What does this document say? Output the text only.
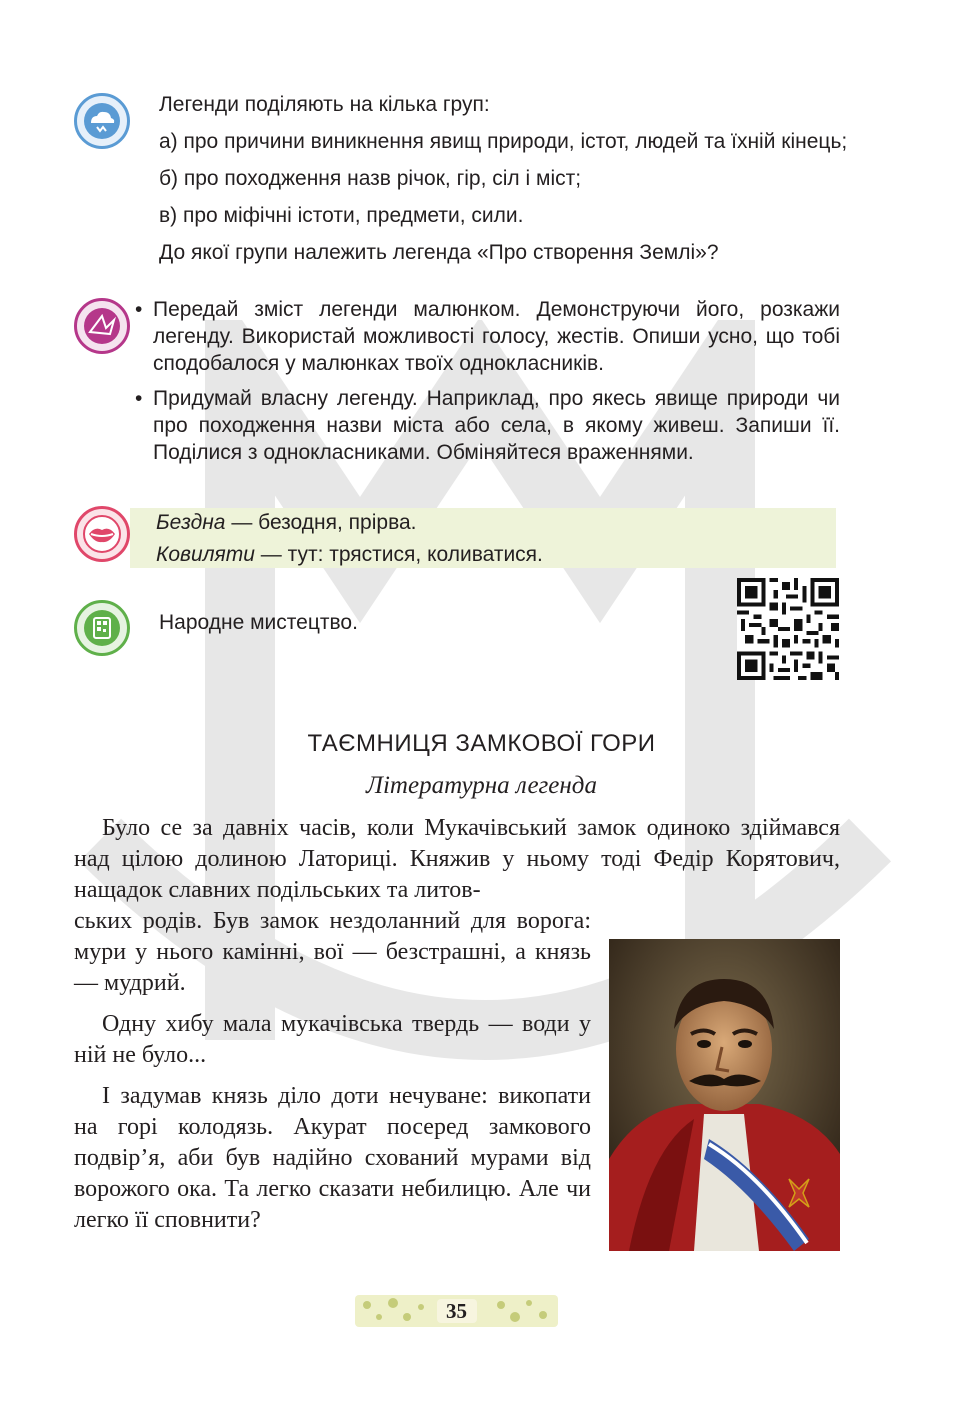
Легенди поділяють на кілька груп:

а) про причини виникнення явищ природи, істот, людей та їхній кінець;

б) про походження назв річок, гір, сіл і міст;

в) про міфічні істоти, предмети, сили.

До якої групи належить легенда «Про створення Землі»?

• Передай зміст легенди малюнком. Демонструючи його, розкажи легенду. Використай можливості голосу, жестів. Опиши усно, що тобі сподобалося у малюнках твоїх однокласників.
• Придумай власну легенду. Наприклад, про якесь явище природи чи про походження назви міста або села, в якому живеш. Запиши її. Поділися з однокласниками. Обміняйтеся враженнями.

Бездна — безодня, прірва.

Ковиляти — тут: трястися, коливатися.

Народне мистецтво.
ТАЄМНИЦЯ ЗАМКОВОЇ ГОРИ
Літературна легенда

Було се за давніх часів, коли Мукачівський замок одиноко здіймався над цілою долиною Латориці. Княжив у ньому тоді Федір Корятович, нащадок славних подільських та литов-

ських родів. Був замок нездоланний для ворога: мури у нього камінні, вої — безстрашні, а князь — мудрий.

Одну хибу мала мукачівська твердь — води у ній не було...

І задумав князь діло доти нечуване: викопати на горі колодязь. Акурат посеред замкового подвір’я, аби був надійно схований мурами від ворожого ока. Та легко сказати небилицю. Але чи легко її сповнити?

35
